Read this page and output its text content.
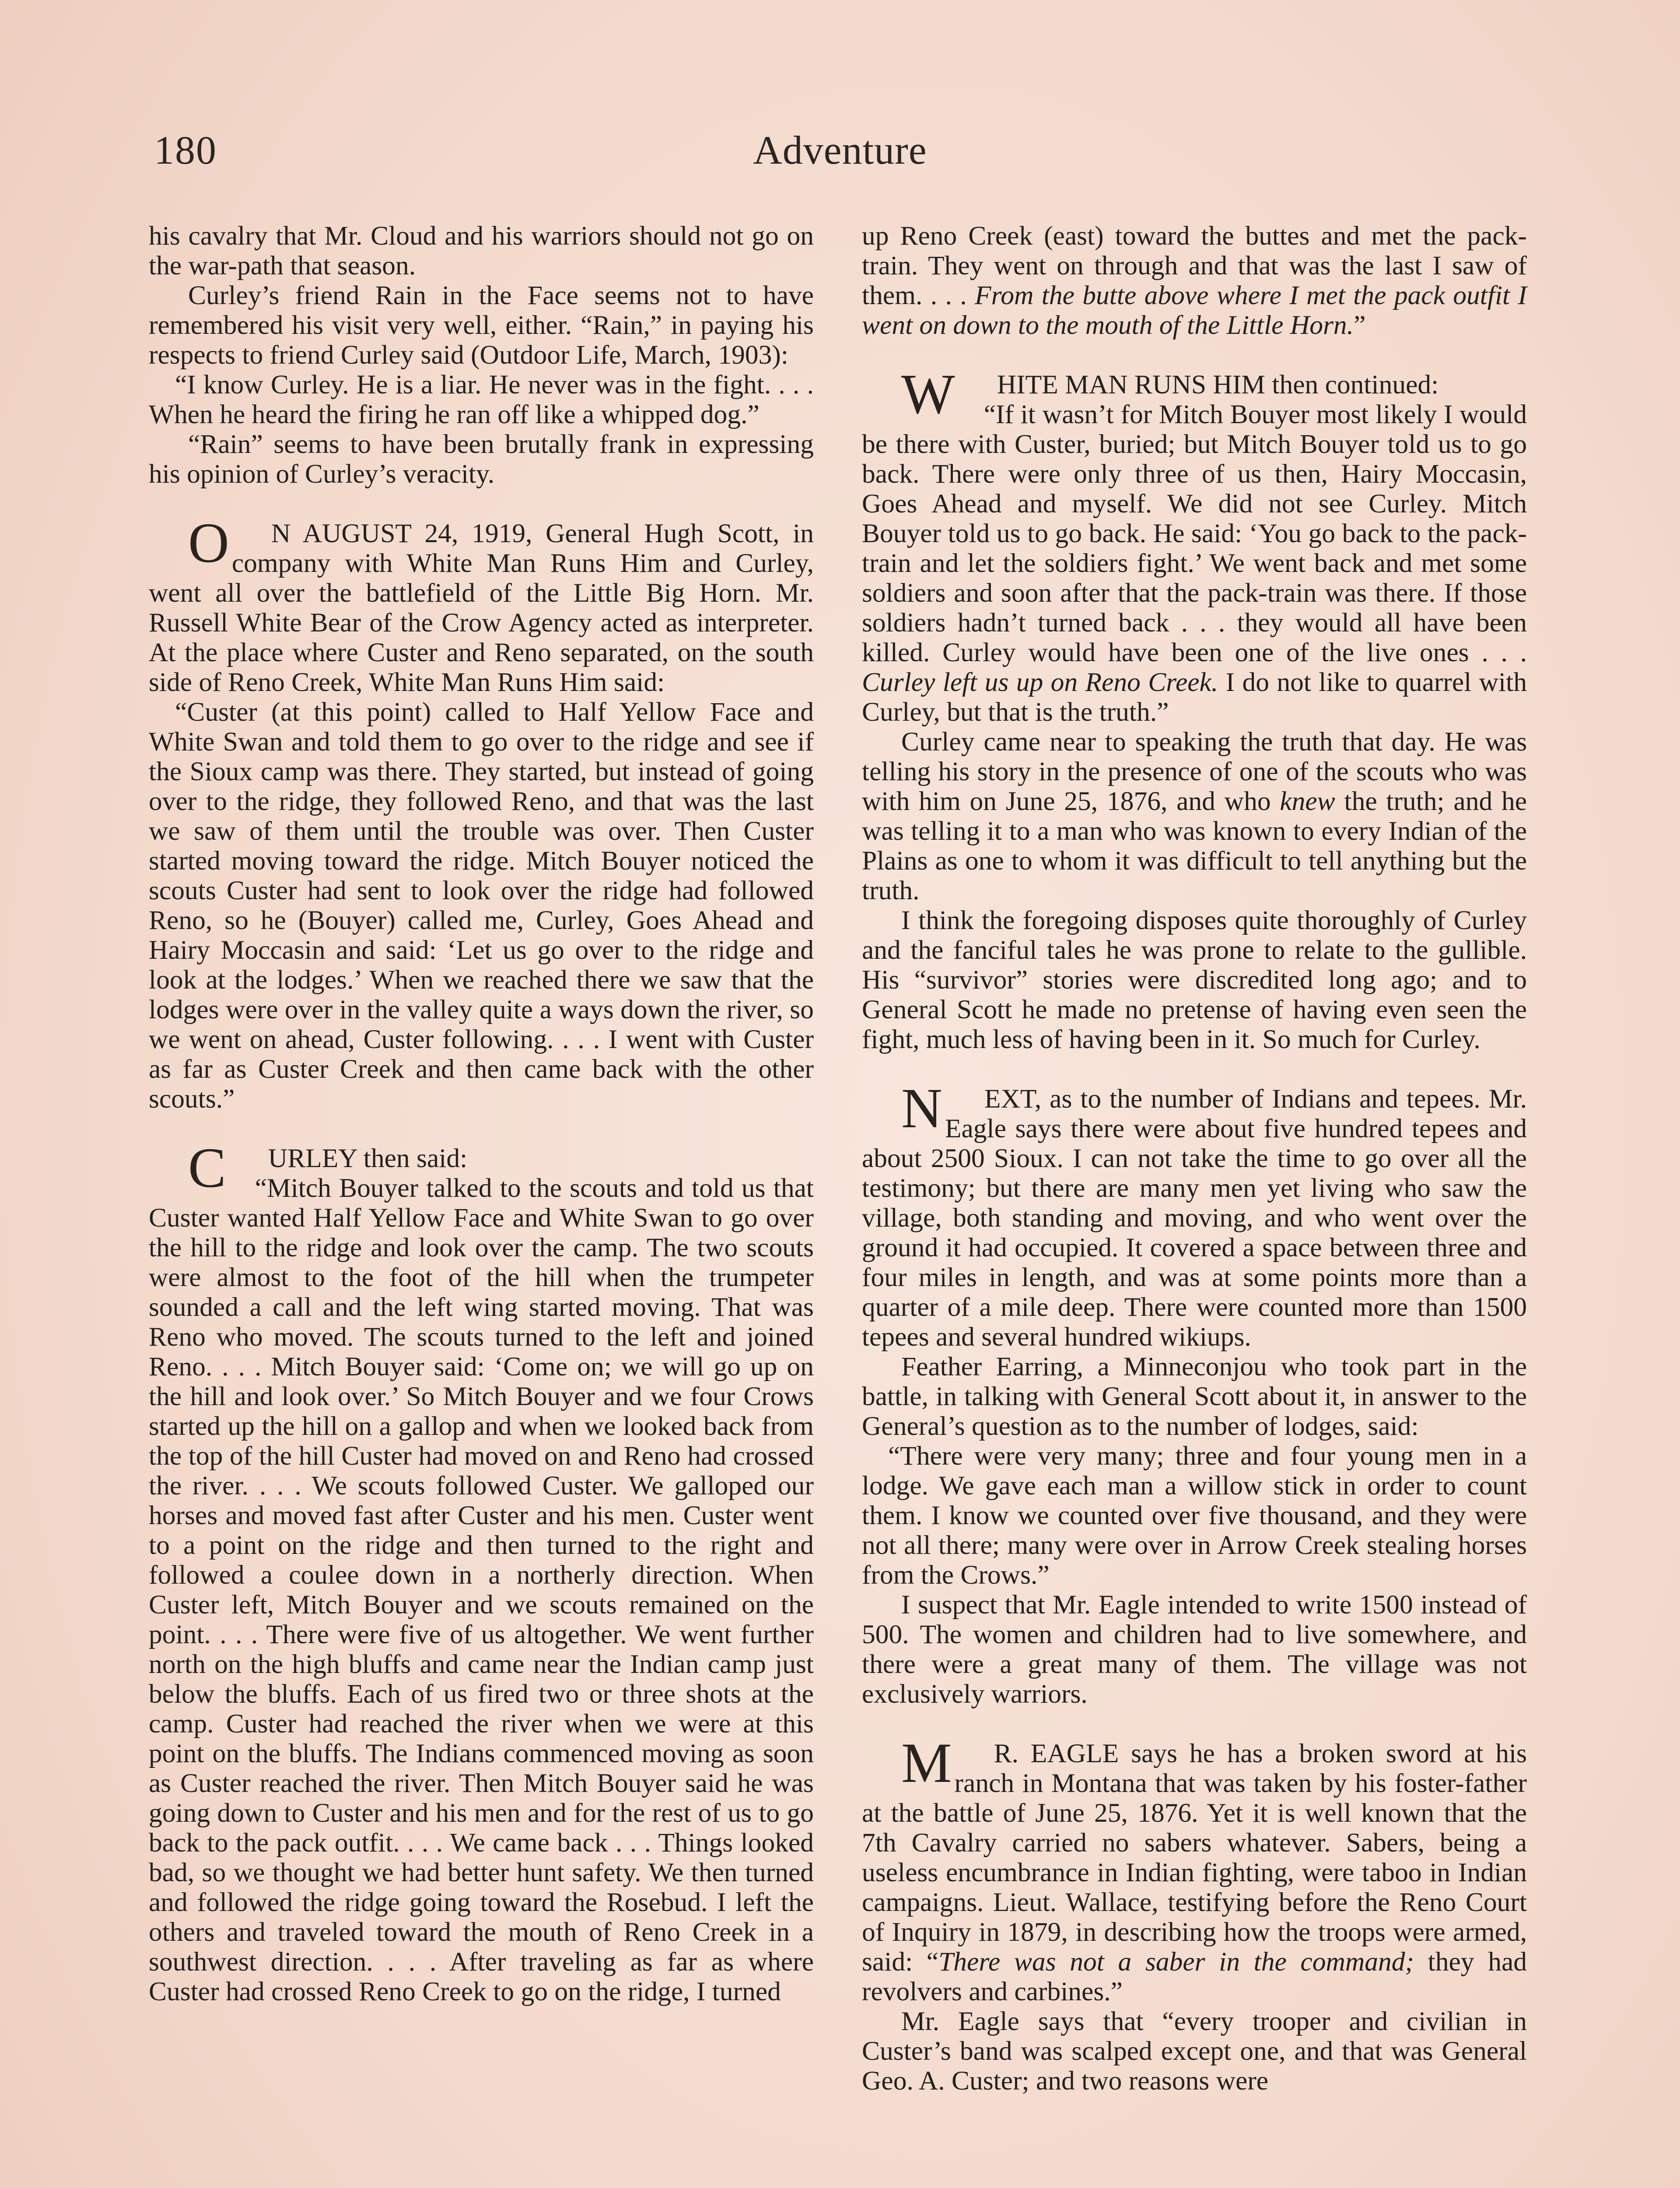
180	Adventure

his cavalry that Mr. Cloud and his warriors should not go on the war-path that season.

Curley’s friend Rain in the Face seems not to have remembered his visit very well, either. “Rain,” in paying his respects to friend Curley said (Outdoor Life, March, 1903):

“I know Curley. He is a liar. He never was in the fight. . . . When he heard the firing he ran off like a whipped dog.”

“Rain” seems to have been brutally frank in expressing his opinion of Curley’s veracity.

O N AUGUST 24, 1919, General Hugh Scott, in company with White Man Runs Him and Curley, went all over the battlefield of the Little Big Horn. Mr. Russell White Bear of the Crow Agency acted as interpreter. At the place where Custer and Reno separated, on the south side of Reno Creek, White Man Runs Him said:

“Custer (at this point) called to Half Yellow Face and White Swan and told them to go over to the ridge and see if the Sioux camp was there. They started, but instead of going over to the ridge, they followed Reno, and that was the last we saw of them until the trouble was over. Then Custer started moving toward the ridge. Mitch Bouyer noticed the scouts Custer had sent to look over the ridge had followed Reno, so he (Bouyer) called me, Curley, Goes Ahead and Hairy Moccasin and said: ‘Let us go over to the ridge and look at the lodges.’ When we reached there we saw that the lodges were over in the valley quite a ways down the river, so we went on ahead, Custer following. . . . I went with Custer as far as Custer Creek and then came back with the other scouts.”

C URLEY then said:

“Mitch Bouyer talked to the scouts and told us that Custer wanted Half Yellow Face and White Swan to go over the hill to the ridge and look over the camp. The two scouts were almost to the foot of the hill when the trumpeter sounded a call and the left wing started moving. That was Reno who moved. The scouts turned to the left and joined Reno. . . . Mitch Bouyer said: ‘Come on; we will go up on the hill and look over.’ So Mitch Bouyer and we four Crows started up the hill on a gallop and when we looked back from the top of the hill Custer had moved on and Reno had crossed the river. . . . We scouts followed Custer. We galloped our horses and moved fast after Custer and his men. Custer went to a point on the ridge and then turned to the right and followed a coulee down in a northerly direction. When Custer left, Mitch Bouyer and we scouts remained on the point. . . . There were five of us altogether. We went further north on the high bluffs and came near the Indian camp just below the bluffs. Each of us fired two or three shots at the camp. Custer had reached the river when we were at this point on the bluffs. The Indians commenced moving as soon as Custer reached the river. Then Mitch Bouyer said he was going down to Custer and his men and for the rest of us to go back to the pack outfit. . . . We came back . . . Things looked bad, so we thought we had better hunt safety. We then turned and followed the ridge going toward the Rosebud. I left the others and traveled toward the mouth of Reno Creek in a southwest direction. . . . After traveling as far as where Custer had crossed Reno Creek to go on the ridge, I turned

up Reno Creek (east) toward the buttes and met the pack-train. They went on through and that was the last I saw of them. . . . From the butte above where I met the pack outfit I went on down to the mouth of the Little Horn.”

W HITE MAN RUNS HIM then continued:

“If it wasn’t for Mitch Bouyer most likely I would be there with Custer, buried; but Mitch Bouyer told us to go back. There were only three of us then, Hairy Moccasin, Goes Ahead and myself. We did not see Curley. Mitch Bouyer told us to go back. He said: ‘You go back to the pack-train and let the soldiers fight.’ We went back and met some soldiers and soon after that the pack-train was there. If those soldiers hadn’t turned back . . . they would all have been killed. Curley would have been one of the live ones . . . Curley left us up on Reno Creek. I do not like to quarrel with Curley, but that is the truth.”

Curley came near to speaking the truth that day. He was telling his story in the presence of one of the scouts who was with him on June 25, 1876, and who knew the truth; and he was telling it to a man who was known to every Indian of the Plains as one to whom it was difficult to tell anything but the truth.

I think the foregoing disposes quite thoroughly of Curley and the fanciful tales he was prone to relate to the gullible. His “survivor” stories were discredited long ago; and to General Scott he made no pretense of having even seen the fight, much less of having been in it. So much for Curley.

N EXT, as to the number of Indians and tepees. Mr. Eagle says there were about five hundred tepees and about 2500 Sioux. I can not take the time to go over all the testimony; but there are many men yet living who saw the village, both standing and moving, and who went over the ground it had occupied. It covered a space between three and four miles in length, and was at some points more than a quarter of a mile deep. There were counted more than 1500 tepees and several hundred wikiups.

Feather Earring, a Minneconjou who took part in the battle, in talking with General Scott about it, in answer to the General’s question as to the number of lodges, said:

“There were very many; three and four young men in a lodge. We gave each man a willow stick in order to count them. I know we counted over five thousand, and they were not all there; many were over in Arrow Creek stealing horses from the Crows.”

I suspect that Mr. Eagle intended to write 1500 instead of 500. The women and children had to live somewhere, and there were a great many of them. The village was not exclusively warriors.

M R. EAGLE says he has a broken sword at his ranch in Montana that was taken by his foster-father at the battle of June 25, 1876. Yet it is well known that the 7th Cavalry carried no sabers whatever. Sabers, being a useless encumbrance in Indian fighting, were taboo in Indian campaigns. Lieut. Wallace, testifying before the Reno Court of Inquiry in 1879, in describing how the troops were armed, said: “There was not a saber in the command; they had revolvers and carbines.”

Mr. Eagle says that “every trooper and civilian in Custer’s band was scalped except one, and that was General Geo. A. Custer; and two reasons were
